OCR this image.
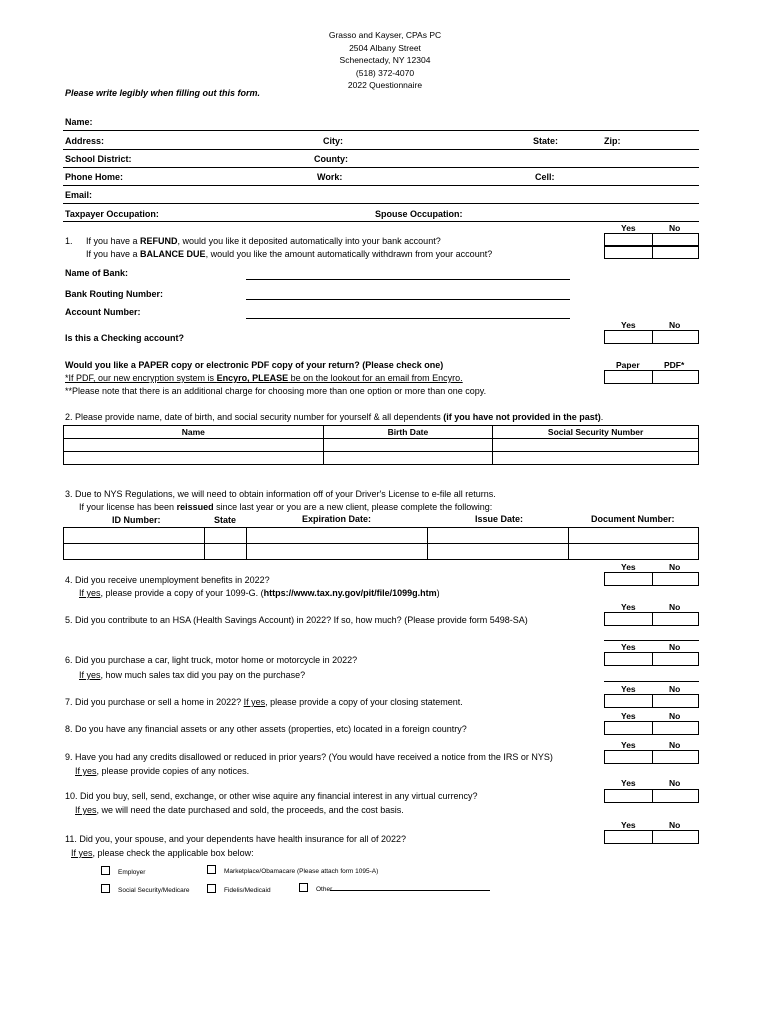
Grasso and Kayser, CPAs PC
2504 Albany Street
Schenectady, NY 12304
(518) 372-4070
2022 Questionnaire
Please write legibly when filling out this form.
Name:
Address:	City:	State:	Zip:
School District:	County:
Phone Home:	Work:	Cell:
Email:
Taxpayer Occupation:	Spouse Occupation:
Yes	No
1. If you have a REFUND, would you like it deposited automatically into your bank account?
If you have a BALANCE DUE, would you like the amount automatically withdrawn from your account?
Name of Bank:
Bank Routing Number:
Account Number:
Yes	No
Is this a Checking account?
Would you like a PAPER copy or electronic PDF copy of your return? (Please check one)	Paper	PDF*
*If PDF, our new encryption system is Encyro, PLEASE be on the lookout for an email from Encyro.
**Please note that there is an additional charge for choosing more than one option or more than one copy.
2. Please provide name, date of birth, and social security number for yourself & all dependents (if you have not provided in the past).
Name	Birth Date	Social Security Number

3. Due to NYS Regulations, we will need to obtain information off of your Driver's License to e-file all returns.
If your license has been reissued since last year or you are a new client, please complete the following:
ID Number:	State	Expiration Date:	Issue Date:	Document Number:

Yes	No
4. Did you receive unemployment benefits in 2022?
If yes, please provide a copy of your 1099-G. (https://www.tax.ny.gov/pit/file/1099g.htm)
Yes	No
5. Did you contribute to an HSA (Health Savings Account) in 2022? If so, how much? (Please provide form 5498-SA)
Yes	No
6. Did you purchase a car, light truck, motor home or motorcycle in 2022?
If yes, how much sales tax did you pay on the purchase?
Yes	No
7. Did you purchase or sell a home in 2022? If yes, please provide a copy of your closing statement.
Yes	No
8. Do you have any financial assets or any other assets (properties, etc) located in a foreign country?
Yes	No
9. Have you had any credits disallowed or reduced in prior years? (You would have received a notice from the IRS or NYS)
If yes, please provide copies of any notices.
Yes	No
10. Did you buy, sell, send, exchange, or other wise aquire any financial interest in any virtual currency?
If yes, we will need the date purchased and sold, the proceeds, and the cost basis.
Yes	No
11. Did you, your spouse, and your dependents have health insurance for all of 2022?
If yes, please check the applicable box below:
Employer	Marketplace/Obamacare (Please attach form 1095-A)
Social Security/Medicare	Fidelis/Medicaid	Other
